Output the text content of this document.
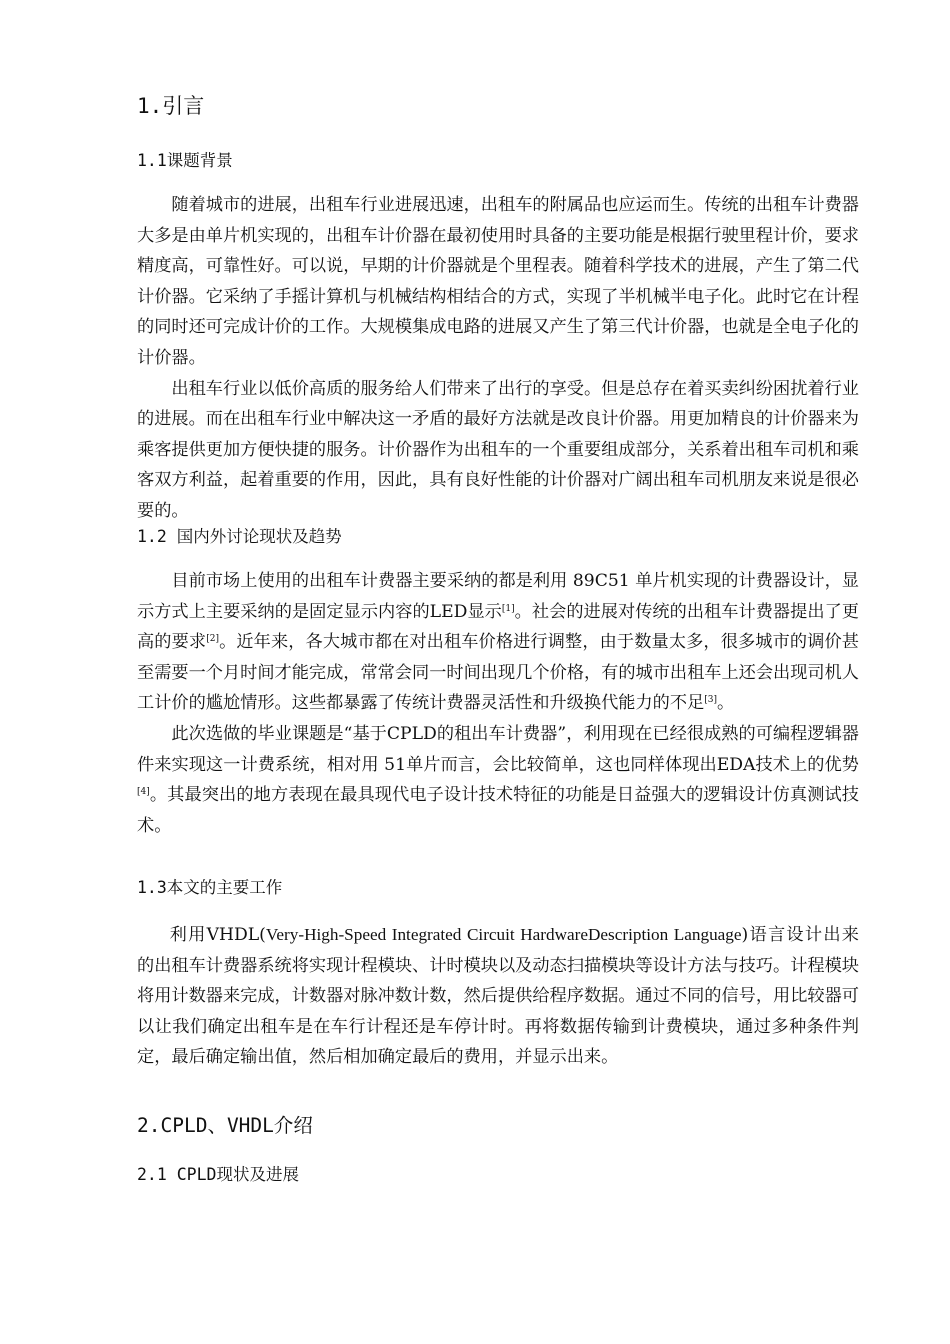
1.引言
1.1课题背景

随着城市的进展，出租车行业进展迅速，出租车的附属品也应运而生。传统的出租车计费器大多是由单片机实现的，出租车计价器在最初使用时具备的主要功能是根据行驶里程计价，要求精度高，可靠性好。可以说，早期的计价器就是个里程表。随着科学技术的进展，产生了第二代计价器。它采纳了手摇计算机与机械结构相结合的方式，实现了半机械半电子化。此时它在计程的同时还可完成计价的工作。大规模集成电路的进展又产生了第三代计价器，也就是全电子化的计价器。

出租车行业以低价高质的服务给人们带来了出行的享受。但是总存在着买卖纠纷困扰着行业的进展。而在出租车行业中解决这一矛盾的最好方法就是改良计价器。用更加精良的计价器来为乘客提供更加方便快捷的服务。计价器作为出租车的一个重要组成部分，关系着出租车司机和乘客双方利益，起着重要的作用，因此，具有良好性能的计价器对广阔出租车司机朋友来说是很必要的。

1.2 国内外讨论现状及趋势

目前市场上使用的出租车计费器主要采纳的都是利用 89C51 单片机实现的计费器设计，显示方式上主要采纳的是固定显示内容的LED显示[1]。社会的进展对传统的出租车计费器提出了更高的要求[2]。近年来，各大城市都在对出租车价格进行调整，由于数量太多，很多城市的调价甚至需要一个月时间才能完成，常常会同一时间出现几个价格，有的城市出租车上还会出现司机人工计价的尴尬情形。这些都暴露了传统计费器灵活性和升级换代能力的不足[3]。

此次选做的毕业课题是“基于CPLD的租出车计费器”，利用现在已经很成熟的可编程逻辑器件来实现这一计费系统，相对用 51单片而言，会比较简单，这也同样体现出EDA技术上的优势[4]。其最突出的地方表现在最具现代电子设计技术特征的功能是日益强大的逻辑设计仿真测试技术。

1.3本文的主要工作

利用VHDL(Very-High-Speed Integrated Circuit HardwareDescription Language)语言设计出来的出租车计费器系统将实现计程模块、计时模块以及动态扫描模块等设计方法与技巧。计程模块将用计数器来完成，计数器对脉冲数计数，然后提供给程序数据。通过不同的信号，用比较器可以让我们确定出租车是在车行计程还是车停计时。再将数据传输到计费模块，通过多种条件判定，最后确定输出值，然后相加确定最后的费用，并显示出来。

2.CPLD、VHDL介绍
2.1 CPLD现状及进展
